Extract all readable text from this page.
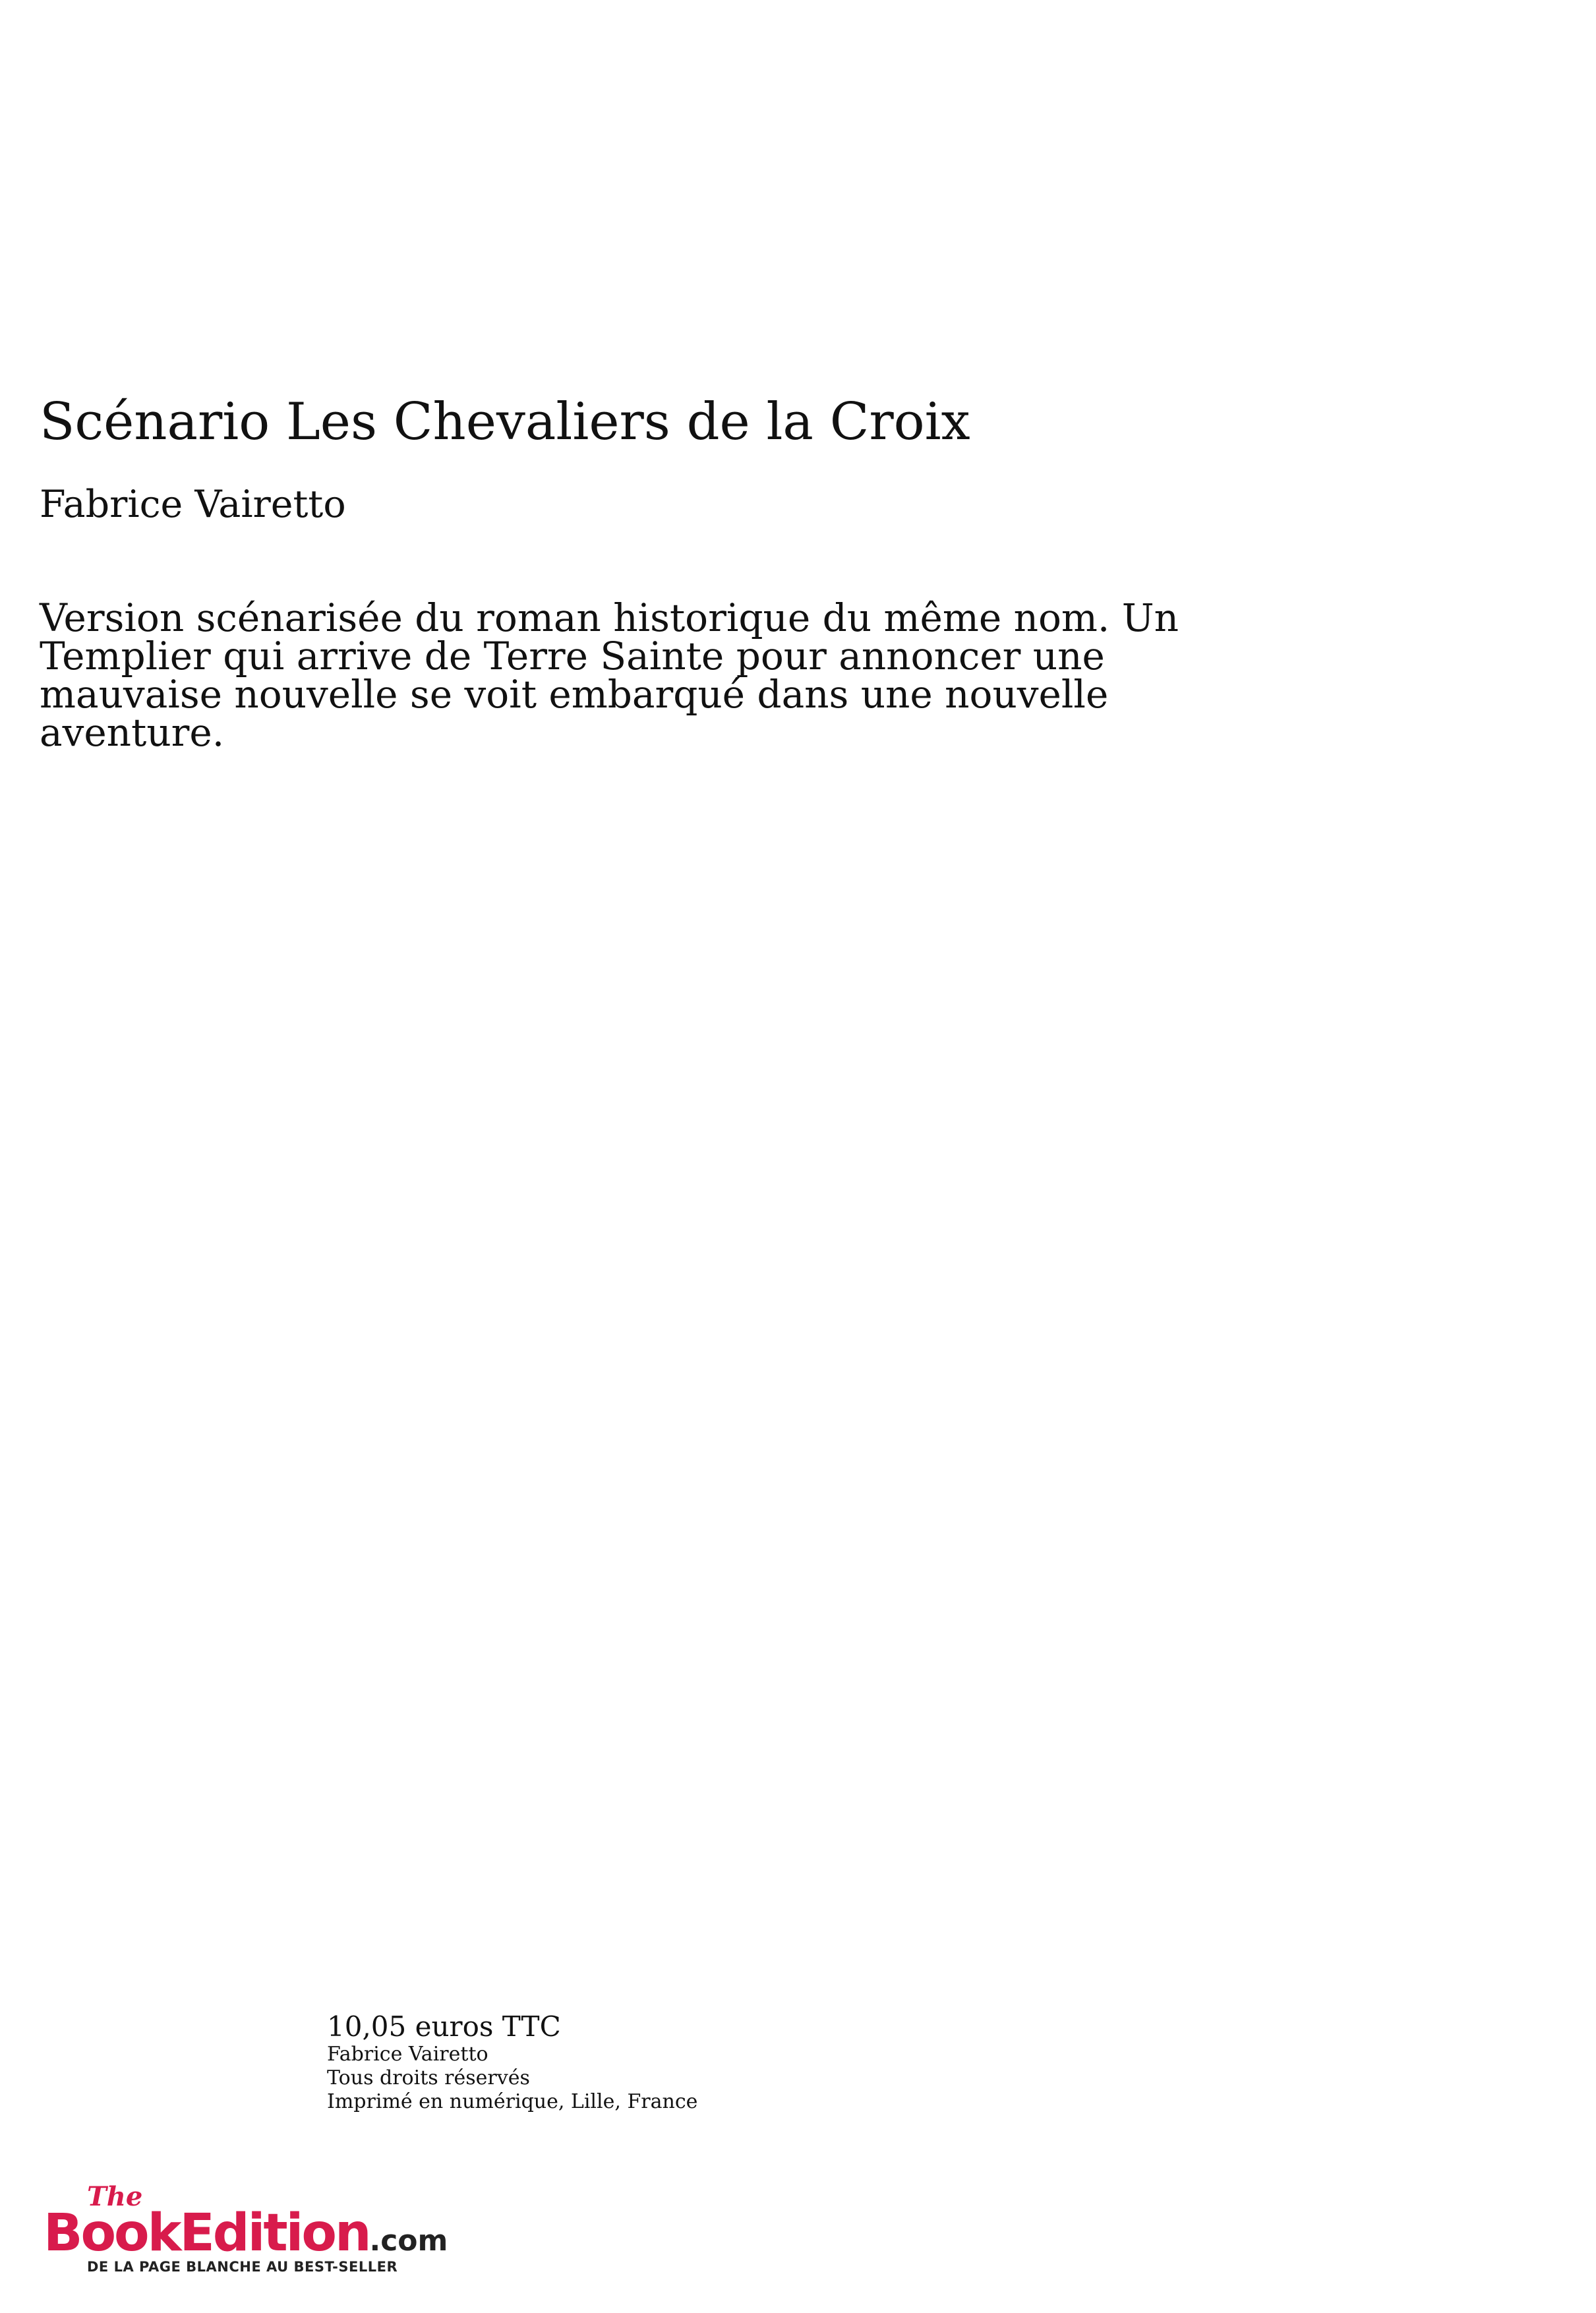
Scénario Les Chevaliers de la Croix

Fabrice Vairetto

Version scénarisée du roman historique du même nom. Un Templier qui arrive de Terre Sainte pour annoncer une mauvaise nouvelle se voit embarqué dans une nouvelle aventure.

10,05 euros TTC
Fabrice Vairetto
Tous droits réservés
Imprimé en numérique, Lille, France
The
BookEdition.com
DE LA PAGE BLANCHE AU BEST-SELLER
